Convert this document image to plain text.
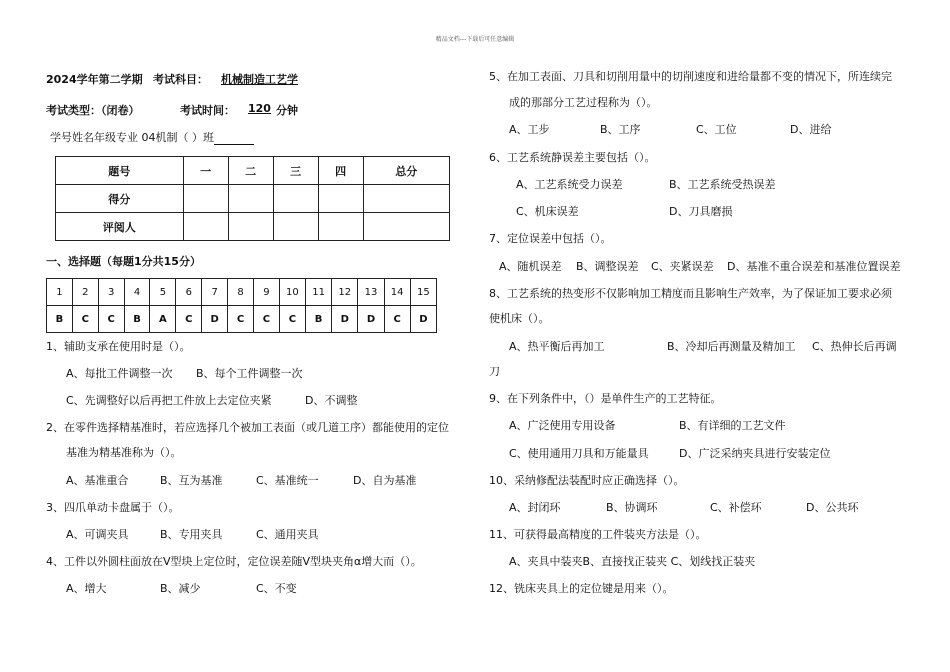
精品文档---下载后可任意编辑
2024学年第二学期 考试科目：	机械制造工艺学
考试类型：（闭卷）	考试时间：	120 分钟
学号姓名年级专业 04机制（ ）班
题号	一	二	三	四	总分
得分					
评阅人					
一、选择题（每题1分共15分）
1	2	3	4	5	6	7	8	9	10	11	12	13	14	15
B	C	C	B	A	C	D	C	C	C	B	D	D	C	D
1、辅助支承在使用时是（）。
A、每批工件调整一次 B、每个工件调整一次
C、先调整好以后再把工件放上去定位夹紧	D、不调整
2、在零件选择精基准时，若应选择几个被加工表面（或几道工序）都能使用的定位
基准为精基准称为（）。
A、基准重合	B、互为基准	C、基准统一	D、自为基准
3、四爪单动卡盘属于（）。
A、可调夹具	B、专用夹具	C、通用夹具
4、工件以外圆柱面放在V型块上定位时，定位误差随V型块夹角α增大而（）。
A、增大	B、减少	C、不变
5、在加工表面、刀具和切削用量中的切削速度和进给量都不变的情况下，所连续完
成的那部分工艺过程称为（）。
A、工步	B、工序	C、工位	D、进给
6、工艺系统静误差主要包括（）。
A、工艺系统受力误差	B、工艺系统受热误差
C、机床误差	D、刀具磨损
7、定位误差中包括（）。
A、随机误差 B、调整误差 C、夹紧误差 D、基准不重合误差和基准位置误差
8、工艺系统的热变形不仅影响加工精度而且影响生产效率，为了保证加工要求必须
使机床（）。
A、热平衡后再加工	B、冷却后再测量及精加工 C、热伸长后再调
刀
9、在下列条件中，（）是单件生产的工艺特征。
A、广泛使用专用设备	B、有详细的工艺文件
C、使用通用刀具和万能量具	D、广泛采纳夹具进行安装定位
10、采纳修配法装配时应正确选择（）。
A、封闭环	B、协调环	C、补偿环	D、公共环
11、可获得最高精度的工件装夹方法是（）。
A、夹具中装夹B、直接找正装夹 C、划线找正装夹
12、铣床夹具上的定位键是用来（）。
